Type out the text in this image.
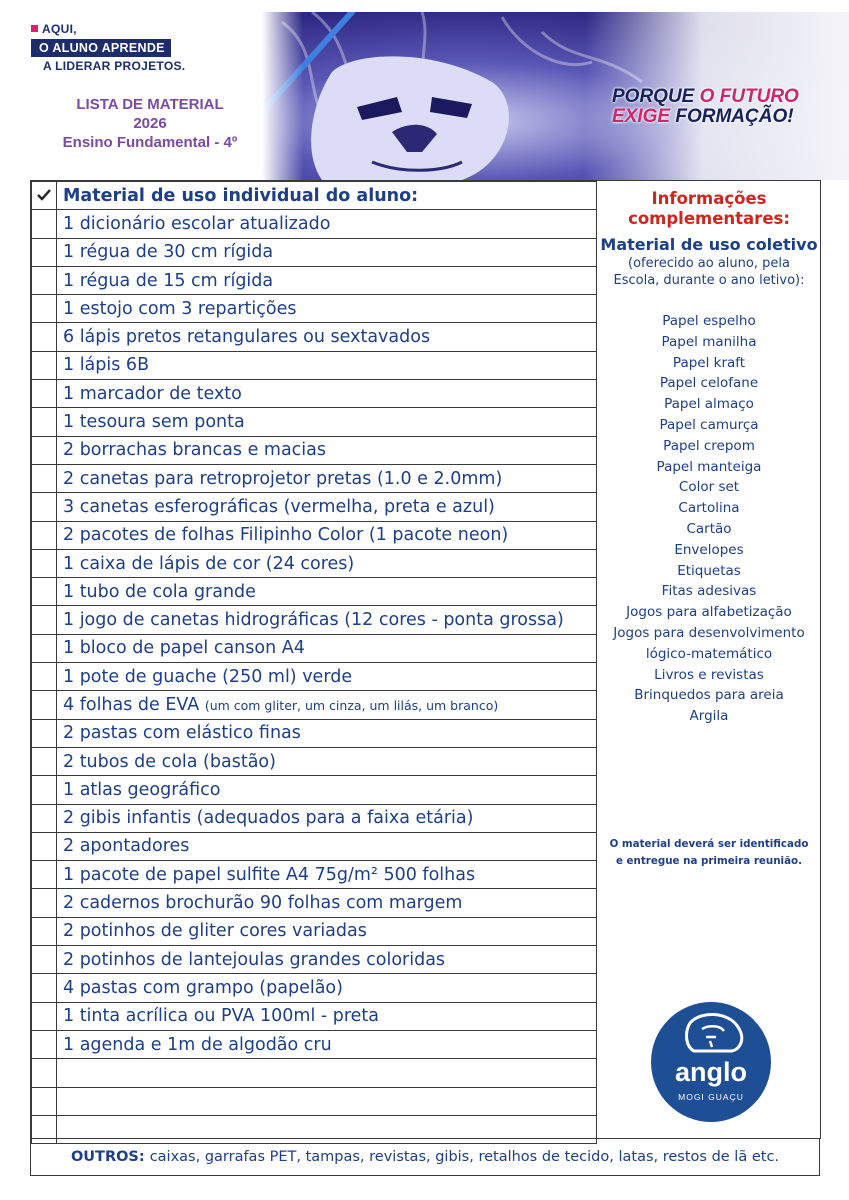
AQUI,
O ALUNO APRENDE
A LIDERAR PROJETOS.
LISTA DE MATERIAL
2026
Ensino Fundamental - 4º
PORQUE O FUTURO
EXIGE FORMAÇÃO!
	Material de uso individual do aluno:
	1 dicionário escolar atualizado
	1 régua de 30 cm rígida
	1 régua de 15 cm rígida
	1 estojo com 3 repartições
	6 lápis pretos retangulares ou sextavados
	1 lápis 6B
	1 marcador de texto
	1 tesoura sem ponta
	2 borrachas brancas e macias
	2 canetas para retroprojetor pretas (1.0 e 2.0mm)
	3 canetas esferográficas (vermelha, preta e azul)
	2 pacotes de folhas Filipinho Color (1 pacote neon)
	1 caixa de lápis de cor (24 cores)
	1 tubo de cola grande
	1 jogo de canetas hidrográficas (12 cores - ponta grossa)
	1 bloco de papel canson A4
	1 pote de guache (250 ml) verde
	4 folhas de EVA (um com gliter, um cinza, um lilás, um branco)
	2 pastas com elástico finas
	2 tubos de cola (bastão)
	1 atlas geográfico
	2 gibis infantis (adequados para a faixa etária)
	2 apontadores
	1 pacote de papel sulfite A4 75g/m² 500 folhas
	2 cadernos brochurão 90 folhas com margem
	2 potinhos de gliter cores variadas
	2 potinhos de lantejoulas grandes coloridas
	4 pastas com grampo (papelão)
	1 tinta acrílica ou PVA 100ml - preta
	1 agenda e 1m de algodão cru

Informações
complementares:
Material de uso coletivo
(oferecido ao aluno, pela
Escola, durante o ano letivo):
Papel espelho
Papel manilha
Papel kraft
Papel celofane
Papel almaço
Papel camurça
Papel crepom
Papel manteiga
Color set
Cartolina
Cartão
Envelopes
Etiquetas
Fitas adesivas
Jogos para alfabetização
Jogos para desenvolvimento
lógico-matemático
Livros e revistas
Brinquedos para areia
Argila
O material deverá ser identificado
e entregue na primeira reunião.
anglo
MOGI GUAÇU
OUTROS: caixas, garrafas PET, tampas, revistas, gibis, retalhos de tecido, latas, restos de lã etc.
